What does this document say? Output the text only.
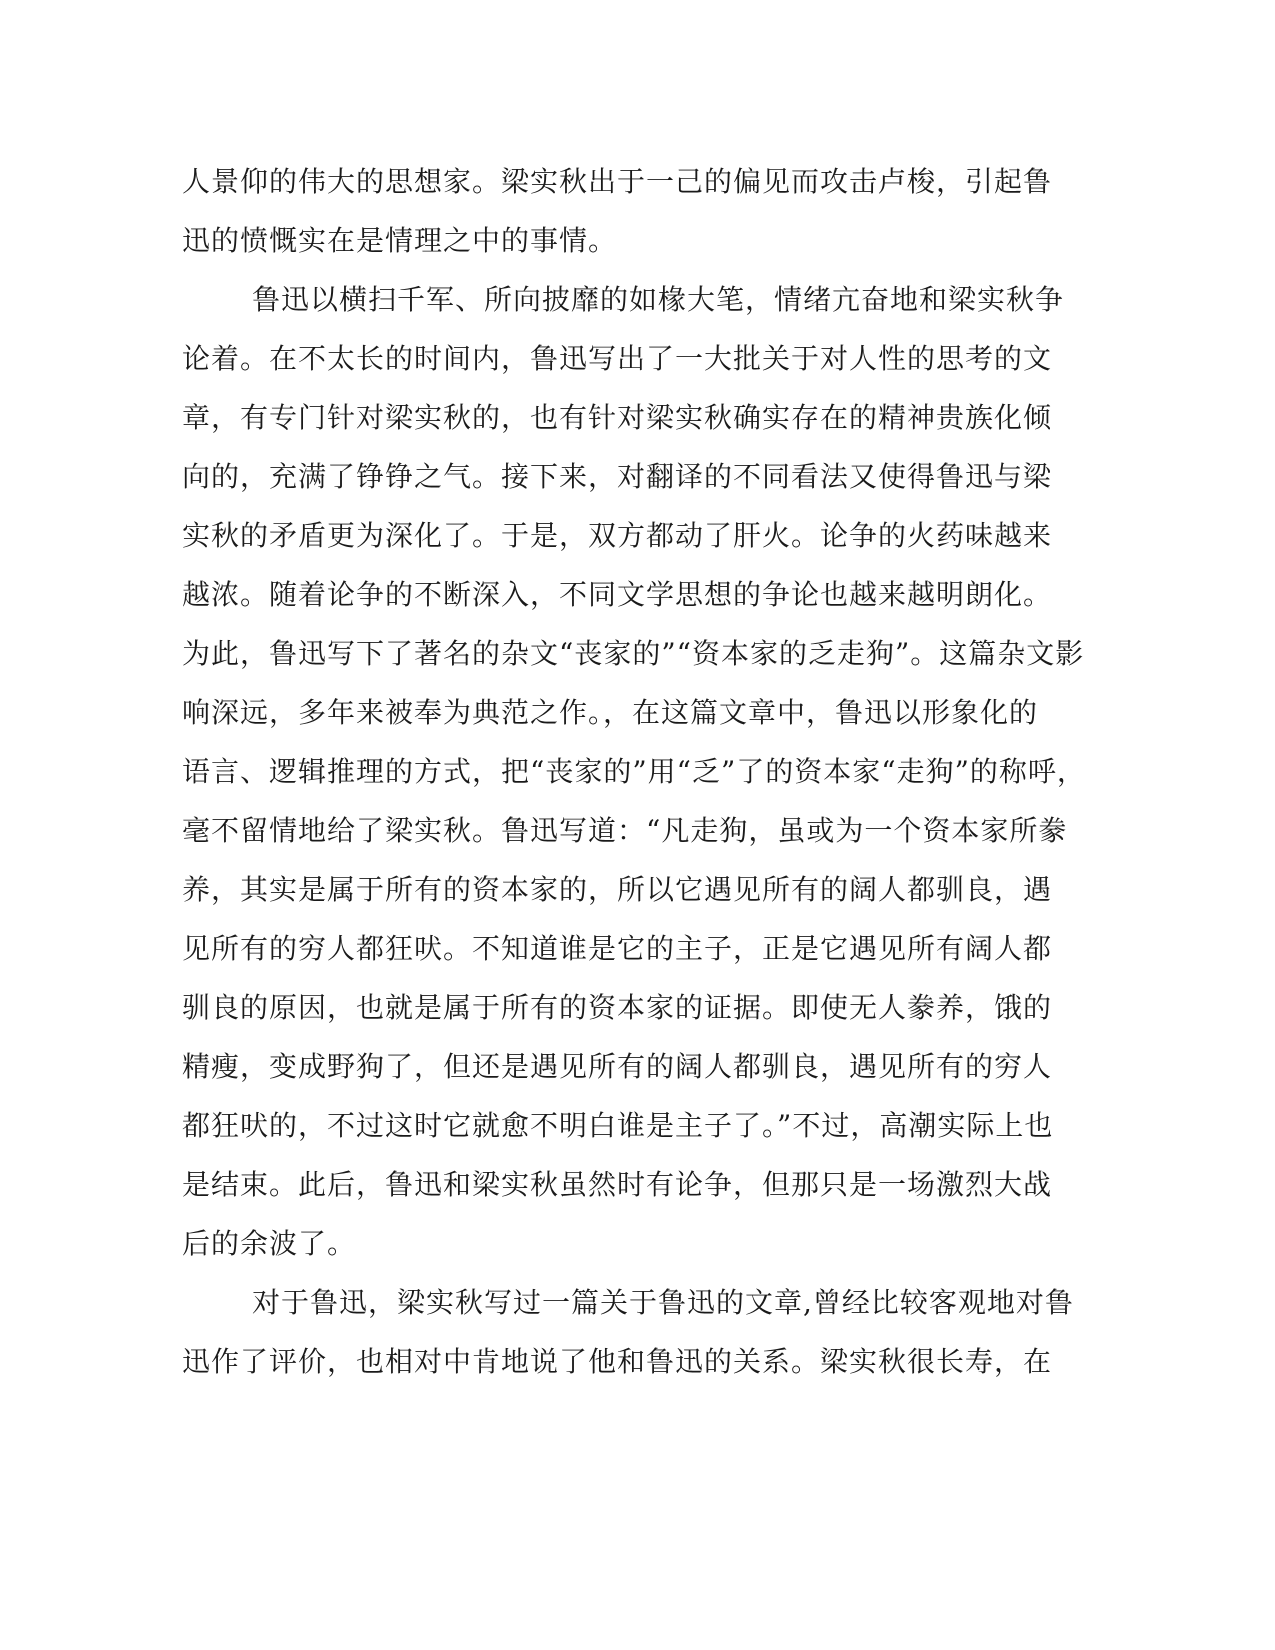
人景仰的伟大的思想家。梁实秋出于一己的偏见而攻击卢梭，引起鲁
迅的愤慨实在是情理之中的事情。
鲁迅以横扫千军、所向披靡的如椽大笔，情绪亢奋地和梁实秋争
论着。在不太长的时间内，鲁迅写出了一大批关于对人性的思考的文
章，有专门针对梁实秋的，也有针对梁实秋确实存在的精神贵族化倾
向的，充满了铮铮之气。接下来，对翻译的不同看法又使得鲁迅与梁
实秋的矛盾更为深化了。于是，双方都动了肝火。论争的火药味越来
越浓。随着论争的不断深入，不同文学思想的争论也越来越明朗化。
为此，鲁迅写下了著名的杂文“丧家的”“资本家的乏走狗”。这篇杂文影
响深远，多年来被奉为典范之作。，在这篇文章中，鲁迅以形象化的
语言、逻辑推理的方式，把“丧家的”用“乏”了的资本家“走狗”的称呼，
毫不留情地给了梁实秋。鲁迅写道：“凡走狗，虽或为一个资本家所豢
养，其实是属于所有的资本家的，所以它遇见所有的阔人都驯良，遇
见所有的穷人都狂吠。不知道谁是它的主子，正是它遇见所有阔人都
驯良的原因，也就是属于所有的资本家的证据。即使无人豢养，饿的
精瘦，变成野狗了，但还是遇见所有的阔人都驯良，遇见所有的穷人
都狂吠的，不过这时它就愈不明白谁是主子了。”不过，高潮实际上也
是结束。此后，鲁迅和梁实秋虽然时有论争，但那只是一场激烈大战
后的余波了。
对于鲁迅，梁实秋写过一篇关于鲁迅的文章,曾经比较客观地对鲁
迅作了评价，也相对中肯地说了他和鲁迅的关系。梁实秋很长寿，在
